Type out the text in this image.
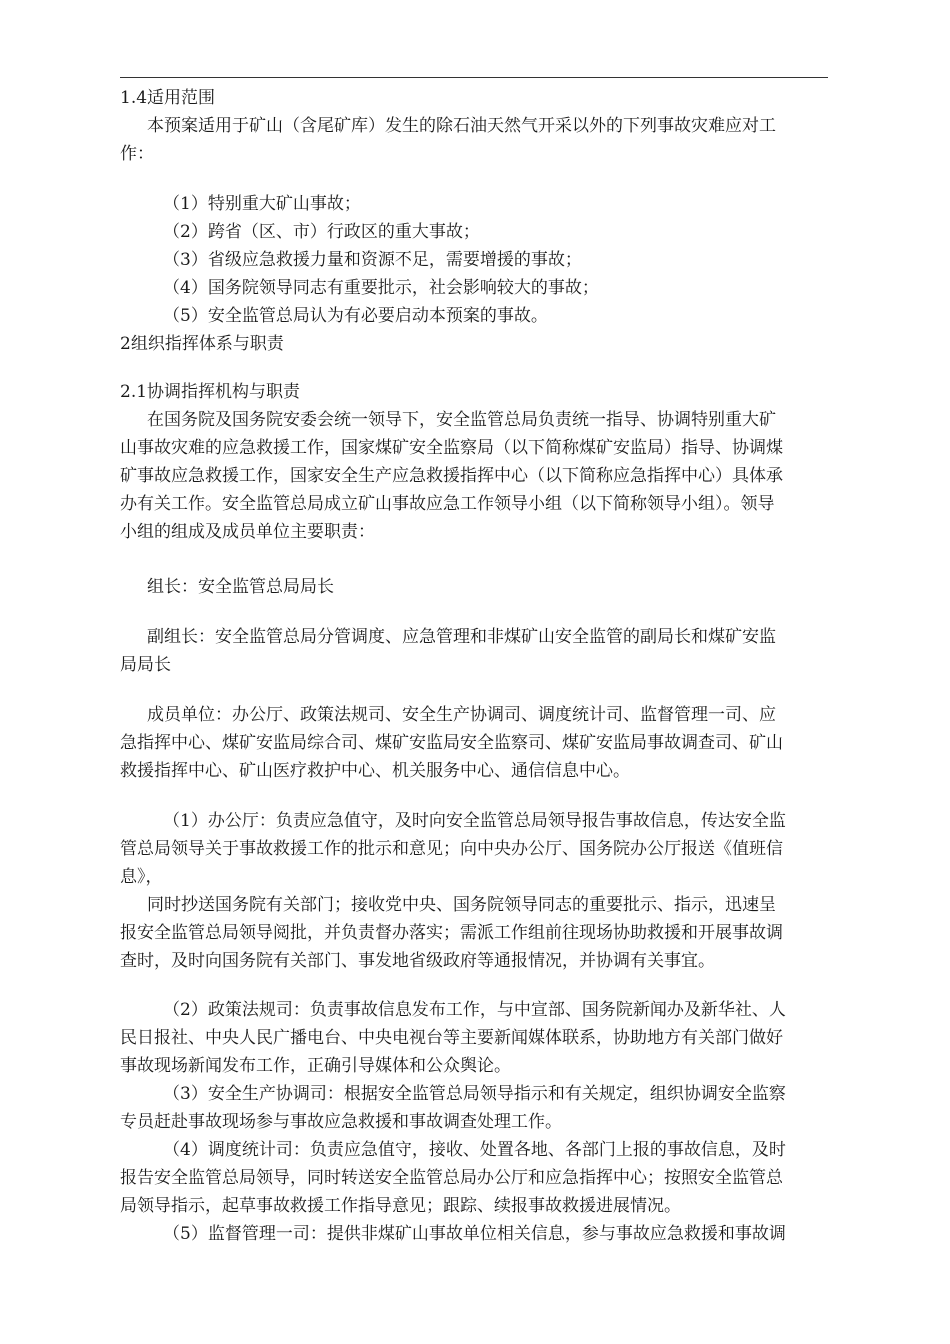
1.4适用范围

本预案适用于矿山（含尾矿库）发生的除石油天然气开采以外的下列事故灾难应对工

作：

（1）特别重大矿山事故；

（2）跨省（区、市）行政区的重大事故；

（3）省级应急救援力量和资源不足，需要增援的事故；

（4）国务院领导同志有重要批示，社会影响较大的事故；

（5）安全监管总局认为有必要启动本预案的事故。

2组织指挥体系与职责

2.1协调指挥机构与职责

在国务院及国务院安委会统一领导下，安全监管总局负责统一指导、协调特别重大矿

山事故灾难的应急救援工作，国家煤矿安全监察局（以下简称煤矿安监局）指导、协调煤

矿事故应急救援工作，国家安全生产应急救援指挥中心（以下简称应急指挥中心）具体承

办有关工作。安全监管总局成立矿山事故应急工作领导小组（以下简称领导小组）。领导

小组的组成及成员单位主要职责：

组长：安全监管总局局长

副组长：安全监管总局分管调度、应急管理和非煤矿山安全监管的副局长和煤矿安监

局局长

成员单位：办公厅、政策法规司、安全生产协调司、调度统计司、监督管理一司、应

急指挥中心、煤矿安监局综合司、煤矿安监局安全监察司、煤矿安监局事故调查司、矿山

救援指挥中心、矿山医疗救护中心、机关服务中心、通信信息中心。

（1）办公厅：负责应急值守，及时向安全监管总局领导报告事故信息，传达安全监

管总局领导关于事故救援工作的批示和意见；向中央办公厅、国务院办公厅报送《值班信

息》，

同时抄送国务院有关部门；接收党中央、国务院领导同志的重要批示、指示，迅速呈

报安全监管总局领导阅批，并负责督办落实；需派工作组前往现场协助救援和开展事故调

查时，及时向国务院有关部门、事发地省级政府等通报情况，并协调有关事宜。

（2）政策法规司：负责事故信息发布工作，与中宣部、国务院新闻办及新华社、人

民日报社、中央人民广播电台、中央电视台等主要新闻媒体联系，协助地方有关部门做好

事故现场新闻发布工作，正确引导媒体和公众舆论。

（3）安全生产协调司：根据安全监管总局领导指示和有关规定，组织协调安全监察

专员赶赴事故现场参与事故应急救援和事故调查处理工作。

（4）调度统计司：负责应急值守，接收、处置各地、各部门上报的事故信息，及时

报告安全监管总局领导，同时转送安全监管总局办公厅和应急指挥中心；按照安全监管总

局领导指示，起草事故救援工作指导意见；跟踪、续报事故救援进展情况。

（5）监督管理一司：提供非煤矿山事故单位相关信息，参与事故应急救援和事故调
